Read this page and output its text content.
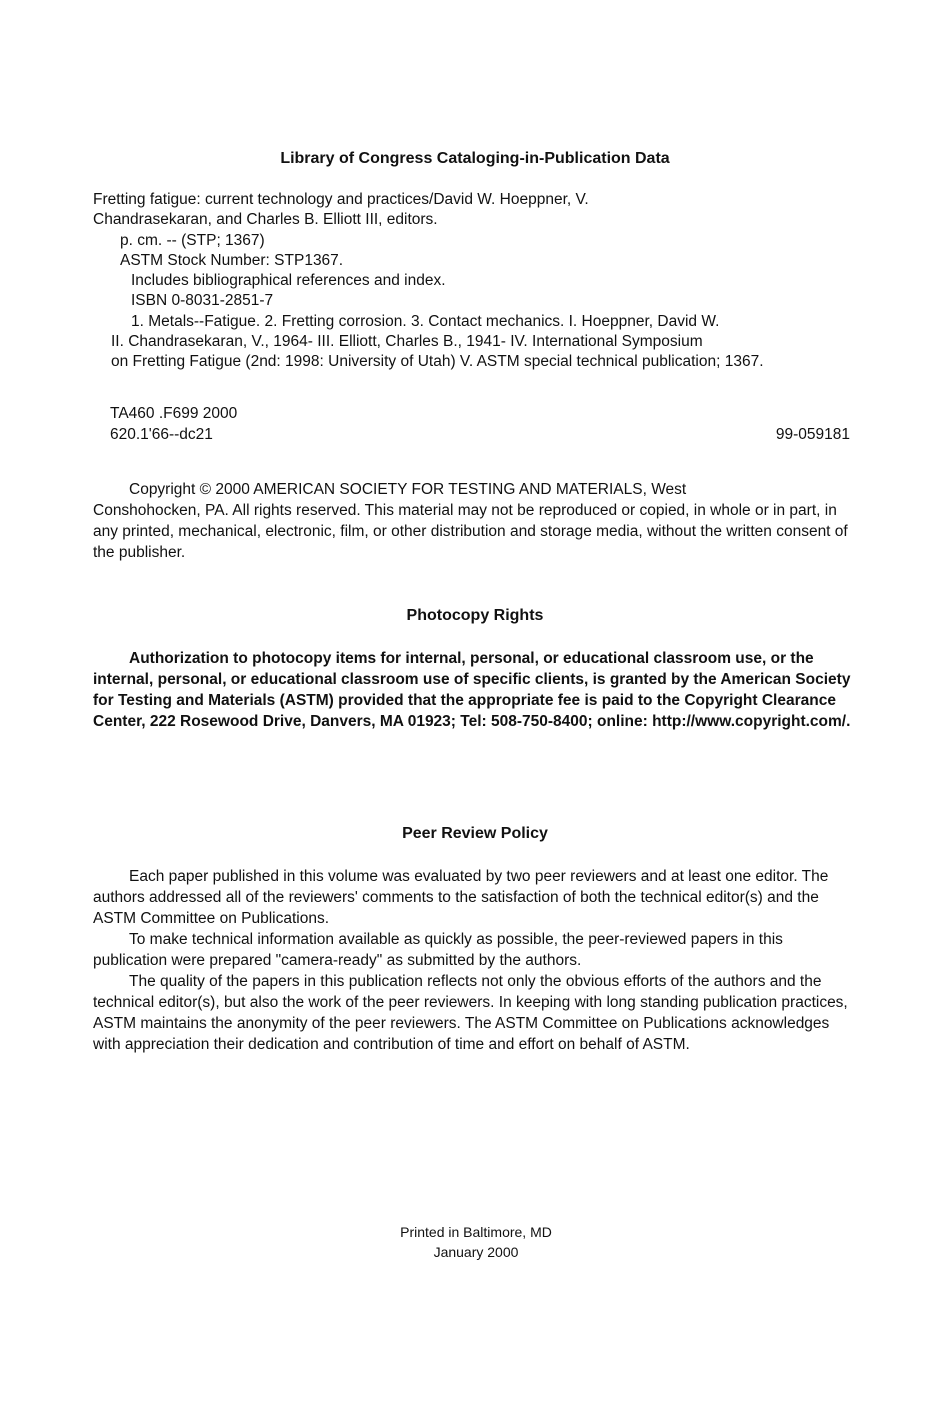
Library of Congress Cataloging-in-Publication Data
Fretting fatigue: current technology and practices/David W. Hoeppner, V.
Chandrasekaran, and Charles B. Elliott III, editors.
p. cm. -- (STP; 1367)
ASTM Stock Number: STP1367.
Includes bibliographical references and index.
ISBN 0-8031-2851-7
1. Metals--Fatigue. 2. Fretting corrosion. 3. Contact mechanics. I. Hoeppner, David W.
II. Chandrasekaran, V., 1964- III. Elliott, Charles B., 1941- IV. International Symposium
on Fretting Fatigue (2nd: 1998: University of Utah) V. ASTM special technical publication; 1367.
TA460 .F699 2000
620.1'66--dc21	99-059181
Copyright © 2000 AMERICAN SOCIETY FOR TESTING AND MATERIALS, West
Conshohocken, PA. All rights reserved. This material may not be reproduced or copied, in whole or in part, in any printed, mechanical, electronic, film, or other distribution and storage media, without the written consent of the publisher.
Photocopy Rights
Authorization to photocopy items for internal, personal, or educational classroom use, or the internal, personal, or educational classroom use of specific clients, is granted by the American Society for Testing and Materials (ASTM) provided that the appropriate fee is paid to the Copyright Clearance Center, 222 Rosewood Drive, Danvers, MA 01923; Tel: 508-750-8400; online: http://www.copyright.com/.
Peer Review Policy
Each paper published in this volume was evaluated by two peer reviewers and at least one editor. The authors addressed all of the reviewers' comments to the satisfaction of both the technical editor(s) and the ASTM Committee on Publications.
To make technical information available as quickly as possible, the peer-reviewed papers in this publication were prepared "camera-ready" as submitted by the authors.
The quality of the papers in this publication reflects not only the obvious efforts of the authors and the technical editor(s), but also the work of the peer reviewers. In keeping with long standing publication practices, ASTM maintains the anonymity of the peer reviewers. The ASTM Committee on Publications acknowledges with appreciation their dedication and contribution of time and effort on behalf of ASTM.
Printed in Baltimore, MD
January 2000
